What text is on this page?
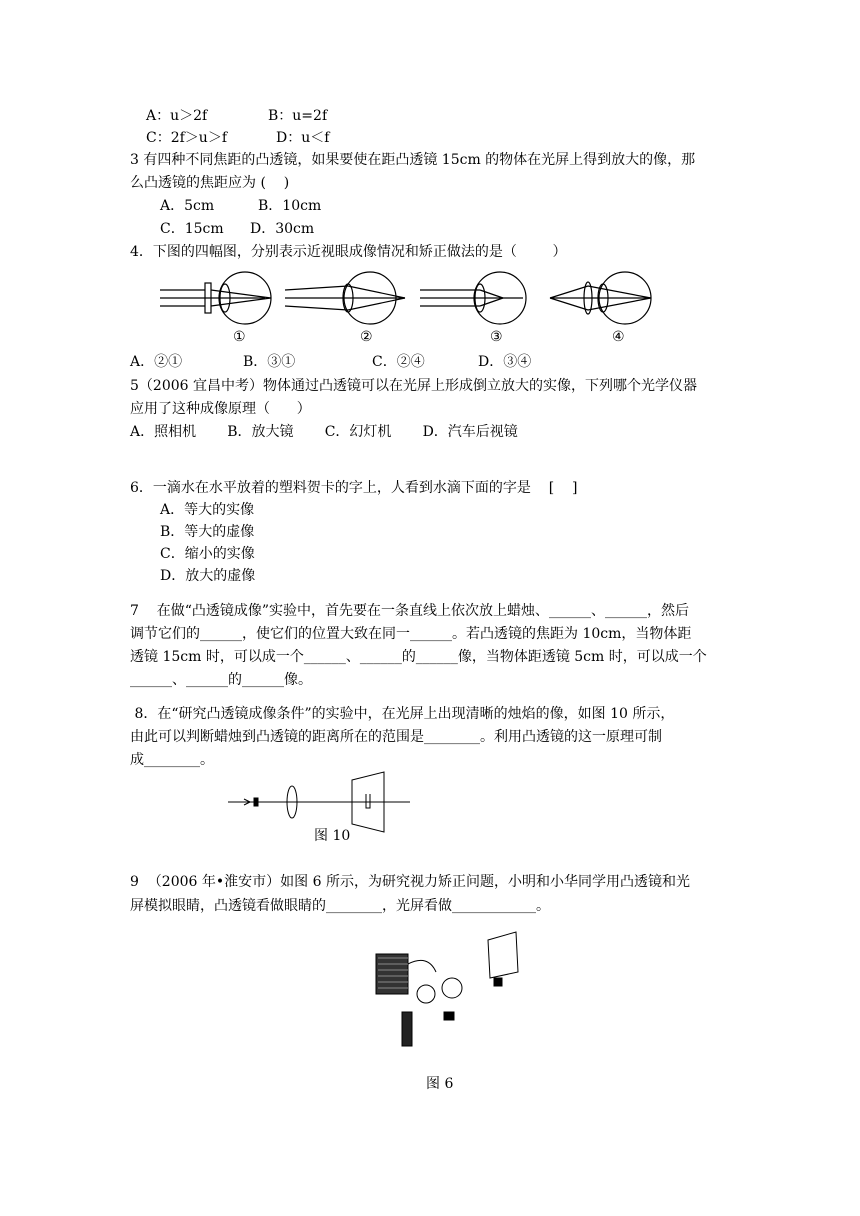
A：u＞2f	B：u=2f
C：2f＞u＞f	D：u＜f
3 有四种不同焦距的凸透镜，如果要使在距凸透镜 15cm 的物体在光屏上得到放大的像，那
么凸透镜的焦距应为 (    )
A．5cm	B．10cm
C．15cm D．30cm
4．下图的四幅图，分别表示近视眼成像情况和矫正做法的是（        ）
①	②	③	④
A．②①	B．③①	C．②④	D．③④
5（2006 宜昌中考）物体通过凸透镜可以在光屏上形成倒立放大的实像，下列哪个光学仪器
应用了这种成像原理（      ）
A．照相机       B．放大镜       C．幻灯机       D．汽车后视镜
6．一滴水在水平放着的塑料贺卡的字上，人看到水滴下面的字是    [    ]
A．等大的实像
B．等大的虚像
C．缩小的实像
D．放大的虚像
7    在做“凸透镜成像”实验中，首先要在一条直线上依次放上蜡烛、______、______，然后
调节它们的______，使它们的位置大致在同一______。若凸透镜的焦距为 10cm，当物体距
透镜 15cm 时，可以成一个______、______的______像，当物体距透镜 5cm 时，可以成一个
______、______的______像。
8．在“研究凸透镜成像条件”的实验中，在光屏上出现清晰的烛焰的像，如图 10 所示，
由此可以判断蜡烛到凸透镜的距离所在的范围是________。利用凸透镜的这一原理可制
成________。
图 10
9  （2006 年•淮安市）如图 6 所示，为研究视力矫正问题，小明和小华同学用凸透镜和光
屏模拟眼睛，凸透镜看做眼睛的________，光屏看做____________。
图 6
